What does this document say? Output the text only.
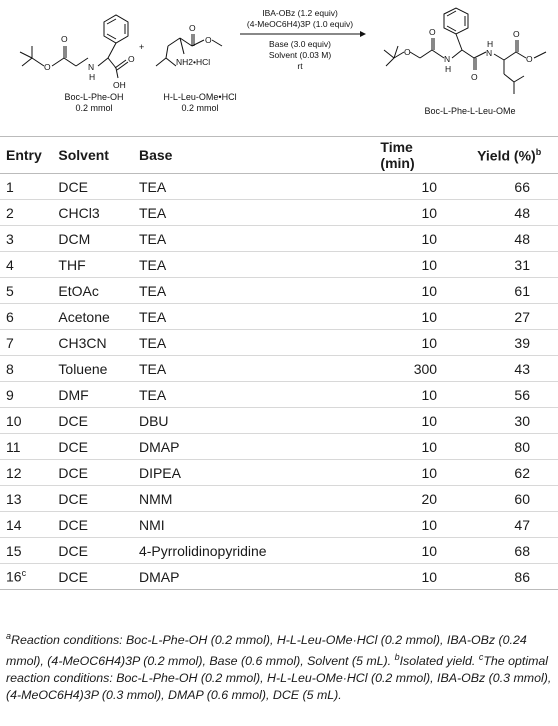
O
O	N
H
O
OH
Boc-L-Phe-OH
0.2 mmol
+
O
O
NH2•HCl
H-L-Leu-OMe•HCl
0.2 mmol
IBA-OBz (1.2 equiv)
(4-MeOC6H4)3P (1.0 equiv)
Base (3.0 equiv)
Solvent (0.03 M)
rt
O
O
N
H
O
N
H
O
O
Boc-L-Phe-L-Leu-OMe
Entry	Solvent	Base	Time (min)	Yield (%)$^b$
1	DCE	TEA	10	66
2	CHCl3	TEA	10	48
3	DCM	TEA	10	48
4	THF	TEA	10	31
5	EtOAc	TEA	10	61
6	Acetone	TEA	10	27
7	CH3CN	TEA	10	39
8	Toluene	TEA	300	43
9	DMF	TEA	10	56
10	DCE	DBU	10	30
11	DCE	DMAP	10	80
12	DCE	DIPEA	10	62
13	DCE	NMM	20	60
14	DCE	NMI	10	47
15	DCE	4-Pyrrolidinopyridine	10	68
16$^c$	DCE	DMAP	10	86
$^a$Reaction conditions: Boc-L-Phe-OH (0.2 mmol), H-L-Leu-OMe·HCl (0.2 mmol), IBA-OBz (0.24 mmol), (4-MeOC6H4)3P (0.2 mmol), Base (0.6 mmol), Solvent (5 mL). $^b$Isolated yield. $^c$The optimal reaction conditions: Boc-L-Phe-OH (0.2 mmol), H-L-Leu-OMe·HCl (0.2 mmol), IBA-OBz (0.3 mmol), (4-MeOC6H4)3P (0.3 mmol), DMAP (0.6 mmol), DCE (5 mL).
